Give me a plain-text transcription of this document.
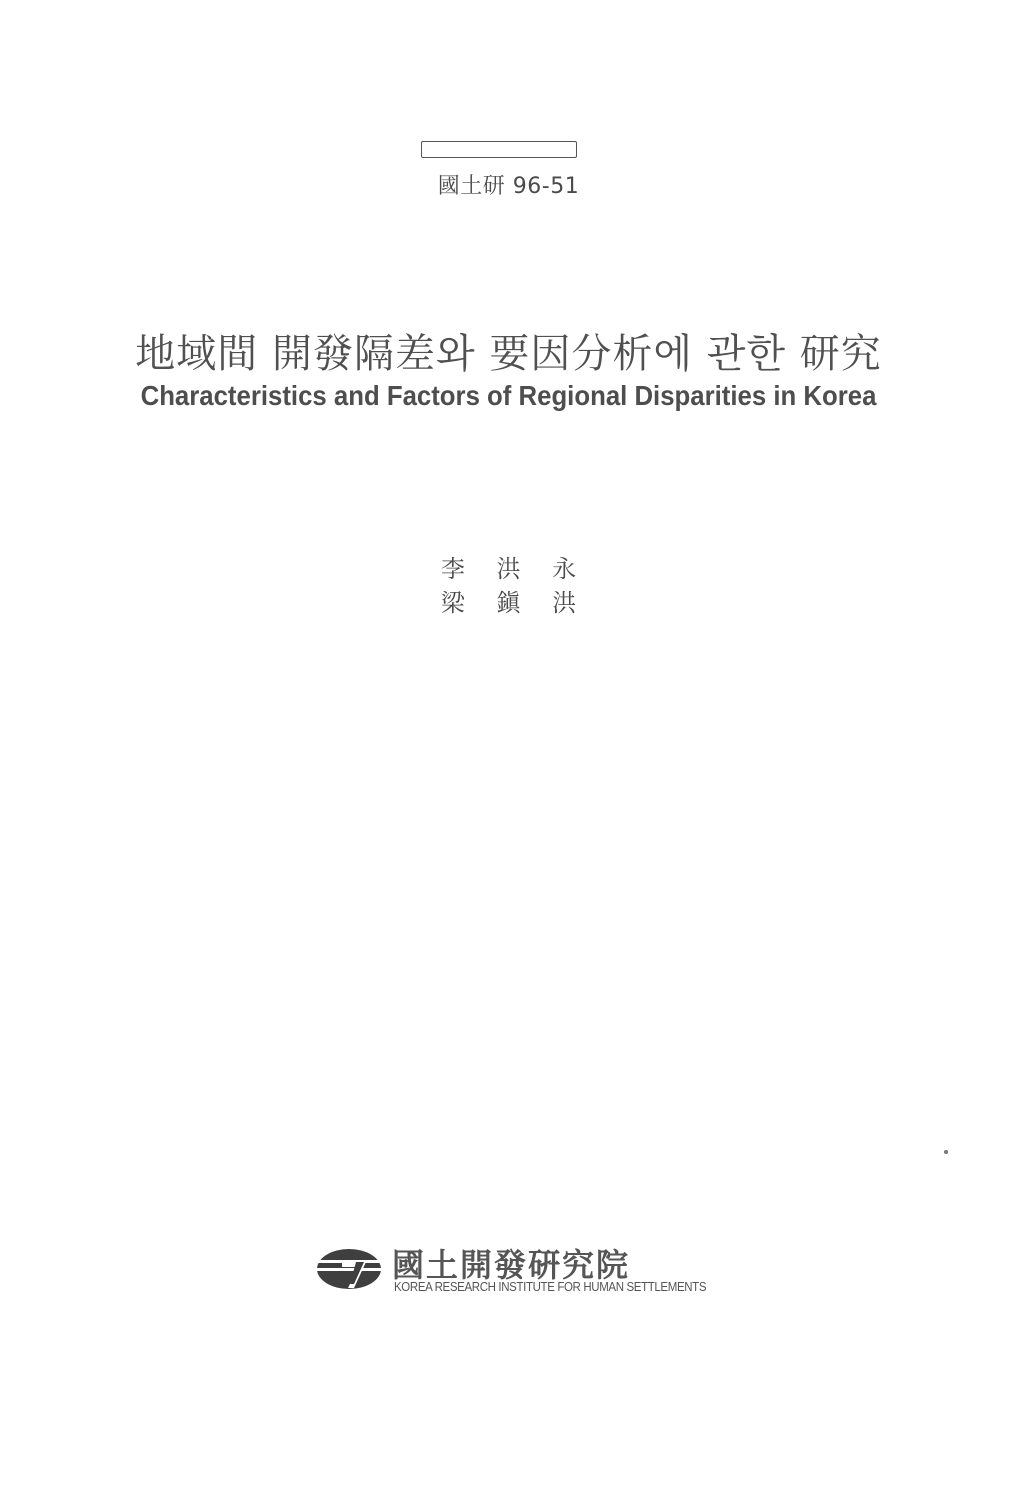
國土研 96-51
地域間 開發隔差와 要因分析에 관한 研究
Characteristics and Factors of Regional Disparities in Korea
李 洪 永
梁 鎭 洪
國土開發硏究院
KOREA RESEARCH INSTITUTE FOR HUMAN SETTLEMENTS
